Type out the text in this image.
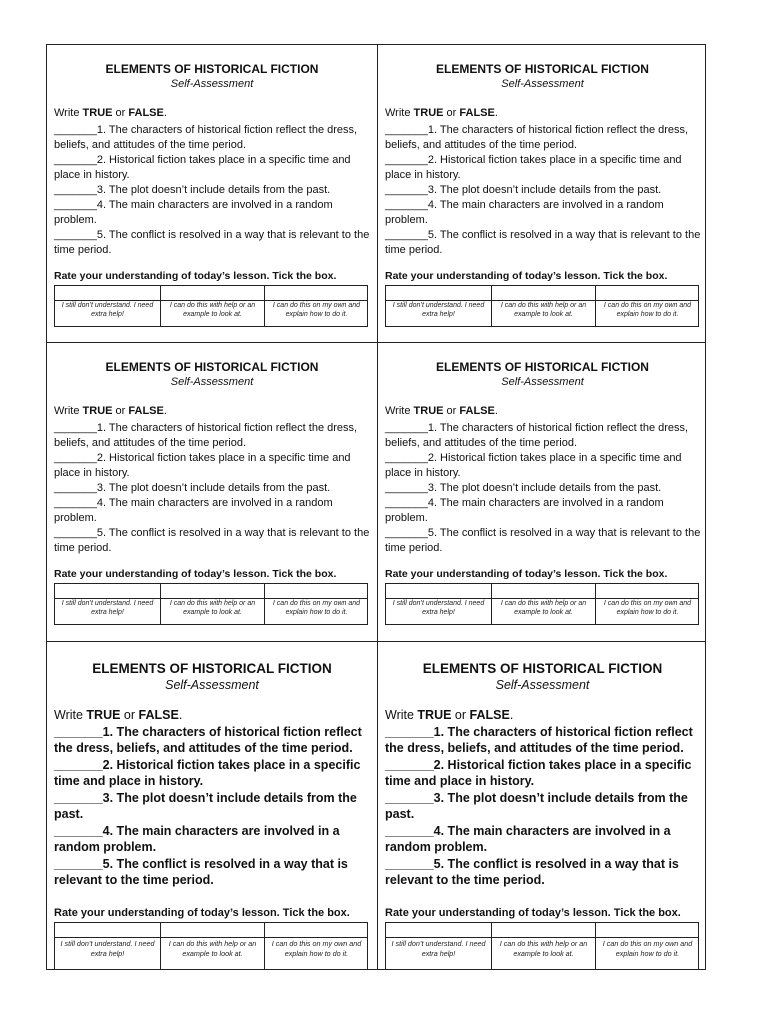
ELEMENTS OF HISTORICAL FICTION
Self-Assessment
Write TRUE or FALSE.
_______1. The characters of historical fiction reflect the dress, beliefs, and attitudes of the time period.
_______2. Historical fiction takes place in a specific time and place in history.
_______3. The plot doesn’t include details from the past.
_______4. The main characters are involved in a random problem.
_______5. The conflict is resolved in a way that is relevant to the time period.
Rate your understanding of today’s lesson. Tick the box.
I still don’t understand. I need extra help!
I can do this with help or an example to look at.
I can do this on my own and explain how to do it.
ELEMENTS OF HISTORICAL FICTION
Self-Assessment
Write TRUE or FALSE.
_______1. The characters of historical fiction reflect the dress, beliefs, and attitudes of the time period.
_______2. Historical fiction takes place in a specific time and place in history.
_______3. The plot doesn’t include details from the past.
_______4. The main characters are involved in a random problem.
_______5. The conflict is resolved in a way that is relevant to the time period.
Rate your understanding of today’s lesson. Tick the box.
I still don’t understand. I need extra help!
I can do this with help or an example to look at.
I can do this on my own and explain how to do it.
ELEMENTS OF HISTORICAL FICTION
Self-Assessment
Write TRUE or FALSE.
_______1. The characters of historical fiction reflect the dress, beliefs, and attitudes of the time period.
_______2. Historical fiction takes place in a specific time and place in history.
_______3. The plot doesn’t include details from the past.
_______4. The main characters are involved in a random problem.
_______5. The conflict is resolved in a way that is relevant to the time period.
Rate your understanding of today’s lesson. Tick the box.
I still don’t understand. I need extra help!
I can do this with help or an example to look at.
I can do this on my own and explain how to do it.
ELEMENTS OF HISTORICAL FICTION
Self-Assessment
Write TRUE or FALSE.
_______1. The characters of historical fiction reflect the dress, beliefs, and attitudes of the time period.
_______2. Historical fiction takes place in a specific time and place in history.
_______3. The plot doesn’t include details from the past.
_______4. The main characters are involved in a random problem.
_______5. The conflict is resolved in a way that is relevant to the time period.
Rate your understanding of today’s lesson. Tick the box.
I still don’t understand. I need extra help!
I can do this with help or an example to look at.
I can do this on my own and explain how to do it.
ELEMENTS OF HISTORICAL FICTION
Self-Assessment
Write TRUE or FALSE.
_______1. The characters of historical fiction reflect the dress, beliefs, and attitudes of the time period.
_______2. Historical fiction takes place in a specific time and place in history.
_______3. The plot doesn’t include details from the past.
_______4. The main characters are involved in a random problem.
_______5. The conflict is resolved in a way that is relevant to the time period.
Rate your understanding of today’s lesson. Tick the box.
I still don’t understand. I need extra help!
I can do this with help or an example to look at.
I can do this on my own and explain how to do it.
ELEMENTS OF HISTORICAL FICTION
Self-Assessment
Write TRUE or FALSE.
_______1. The characters of historical fiction reflect the dress, beliefs, and attitudes of the time period.
_______2. Historical fiction takes place in a specific time and place in history.
_______3. The plot doesn’t include details from the past.
_______4. The main characters are involved in a random problem.
_______5. The conflict is resolved in a way that is relevant to the time period.
Rate your understanding of today’s lesson. Tick the box.
I still don’t understand. I need extra help!
I can do this with help or an example to look at.
I can do this on my own and explain how to do it.
